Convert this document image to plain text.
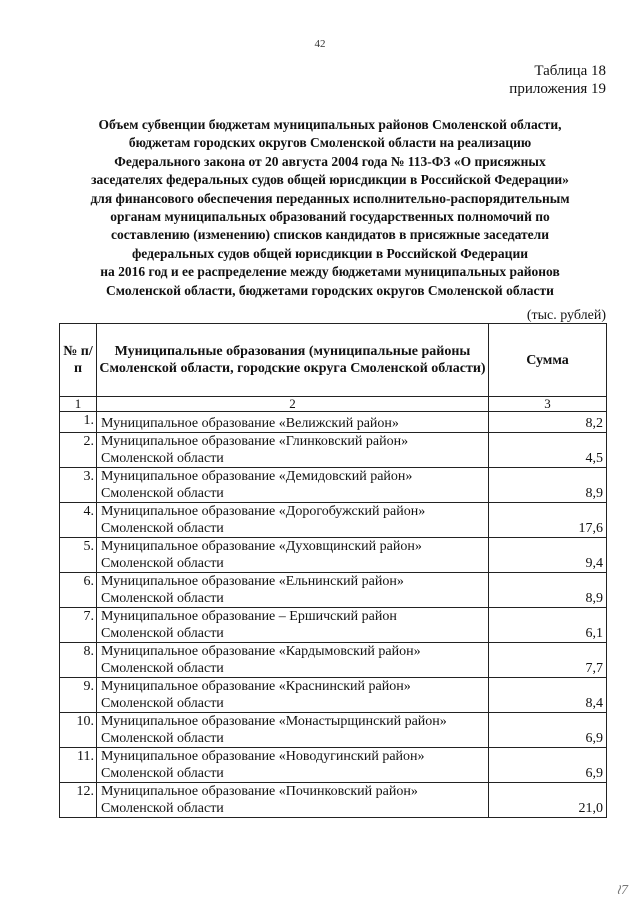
42
Таблица 18
приложения 19
Объем субвенции бюджетам муниципальных районов Смоленской области,
бюджетам городских округов Смоленской области на реализацию
Федерального закона от 20 августа 2004 года № 113-ФЗ «О присяжных
заседателях федеральных судов общей юрисдикции в Российской Федерации»
для финансового обеспечения переданных исполнительно-распорядительным
органам муниципальных образований государственных полномочий по
составлению (изменению) списков кандидатов в присяжные заседатели
федеральных судов общей юрисдикции в Российской Федерации
на 2016 год и ее распределение между бюджетами муниципальных районов
Смоленской области, бюджетами городских округов Смоленской области
(тыс. рублей)
№ п/п	Муниципальные образования (муниципальные районы Смоленской области, городские округа Смоленской области)	Сумма
1	2	3
1.	Муниципальное образование «Велижский район»	8,2
2.	Муниципальное образование «Глинковский район»
Смоленской области	4,5
3.	Муниципальное образование «Демидовский район»
Смоленской области	8,9
4.	Муниципальное образование «Дорогобужский район»
Смоленской области	17,6
5.	Муниципальное образование «Духовщинский район»
Смоленской области	9,4
6.	Муниципальное образование «Ельнинский район»
Смоленской области	8,9
7.	Муниципальное образование – Ершичский район
Смоленской области	6,1
8.	Муниципальное образование «Кардымовский район»
Смоленской области	7,7
9.	Муниципальное образование «Краснинский район»
Смоленской области	8,4
10.	Муниципальное образование «Монастырщинский район»
Смоленской области	6,9
11.	Муниципальное образование «Новодугинский район»
Смоленской области	6,9
12.	Муниципальное образование «Починковский район»
Смоленской области	21,0
≀7
